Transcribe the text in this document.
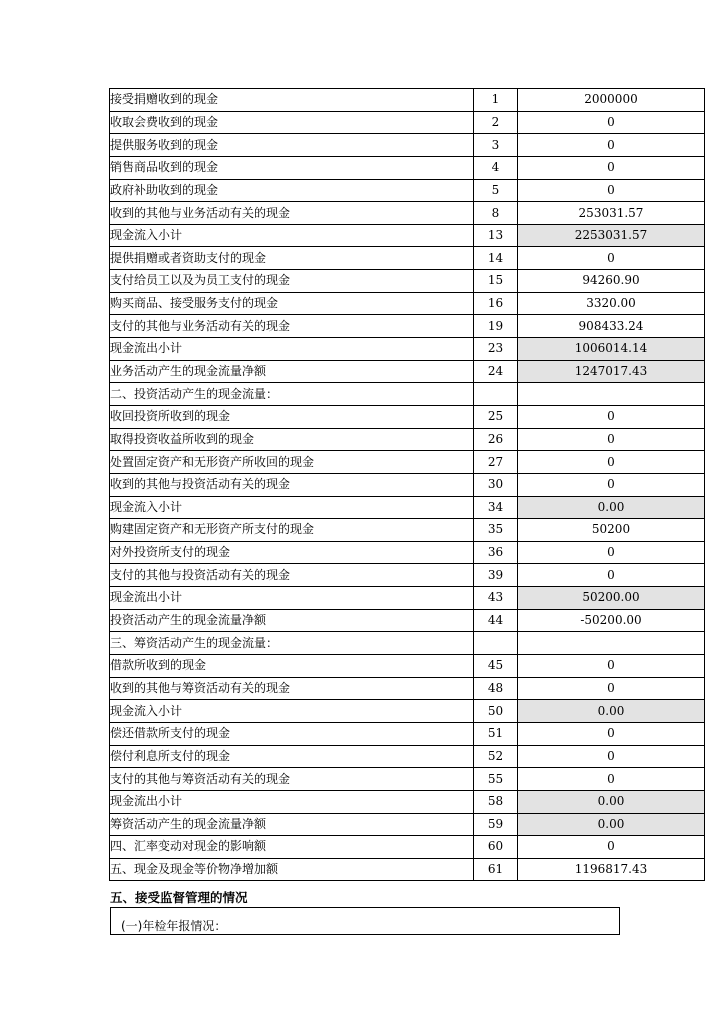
接受捐赠收到的现金	1	2000000
收取会费收到的现金	2	0
提供服务收到的现金	3	0
销售商品收到的现金	4	0
政府补助收到的现金	5	0
收到的其他与业务活动有关的现金	8	253031.57
现金流入小计	13	2253031.57
提供捐赠或者资助支付的现金	14	0
支付给员工以及为员工支付的现金	15	94260.90
购买商品、接受服务支付的现金	16	3320.00
支付的其他与业务活动有关的现金	19	908433.24
现金流出小计	23	1006014.14
业务活动产生的现金流量净额	24	1247017.43
二、投资活动产生的现金流量：		
收回投资所收到的现金	25	0
取得投资收益所收到的现金	26	0
处置固定资产和无形资产所收回的现金	27	0
收到的其他与投资活动有关的现金	30	0
现金流入小计	34	0.00
购建固定资产和无形资产所支付的现金	35	50200
对外投资所支付的现金	36	0
支付的其他与投资活动有关的现金	39	0
现金流出小计	43	50200.00
投资活动产生的现金流量净额	44	-50200.00
三、筹资活动产生的现金流量：		
借款所收到的现金	45	0
收到的其他与筹资活动有关的现金	48	0
现金流入小计	50	0.00
偿还借款所支付的现金	51	0
偿付利息所支付的现金	52	0
支付的其他与筹资活动有关的现金	55	0
现金流出小计	58	0.00
筹资活动产生的现金流量净额	59	0.00
四、汇率变动对现金的影响额	60	0
五、现金及现金等价物净增加额	61	1196817.43
五、接受监督管理的情况
(一)年检年报情况：
